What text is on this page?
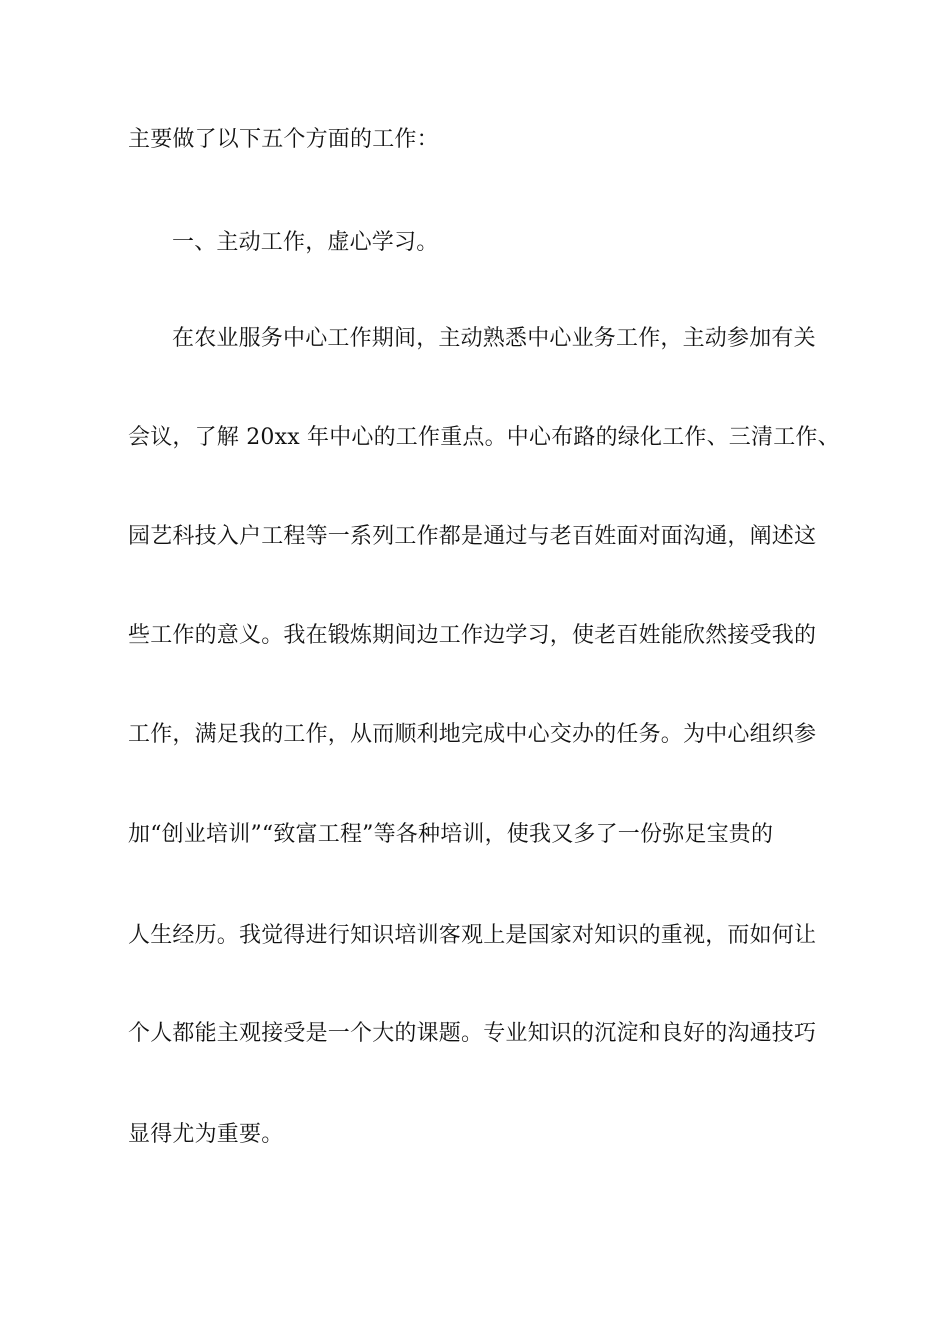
主要做了以下五个方面的工作：
一、主动工作，虚心学习。
在农业服务中心工作期间，主动熟悉中心业务工作，主动参加有关
会议，了解 20xx 年中心的工作重点。中心布路的绿化工作、三清工作、
园艺科技入户工程等一系列工作都是通过与老百姓面对面沟通，阐述这
些工作的意义。我在锻炼期间边工作边学习，使老百姓能欣然接受我的
工作，满足我的工作，从而顺利地完成中心交办的任务。为中心组织参
加“创业培训”“致富工程”等各种培训，使我又多了一份弥足宝贵的
人生经历。我觉得进行知识培训客观上是国家对知识的重视，而如何让
个人都能主观接受是一个大的课题。专业知识的沉淀和良好的沟通技巧
显得尤为重要。
